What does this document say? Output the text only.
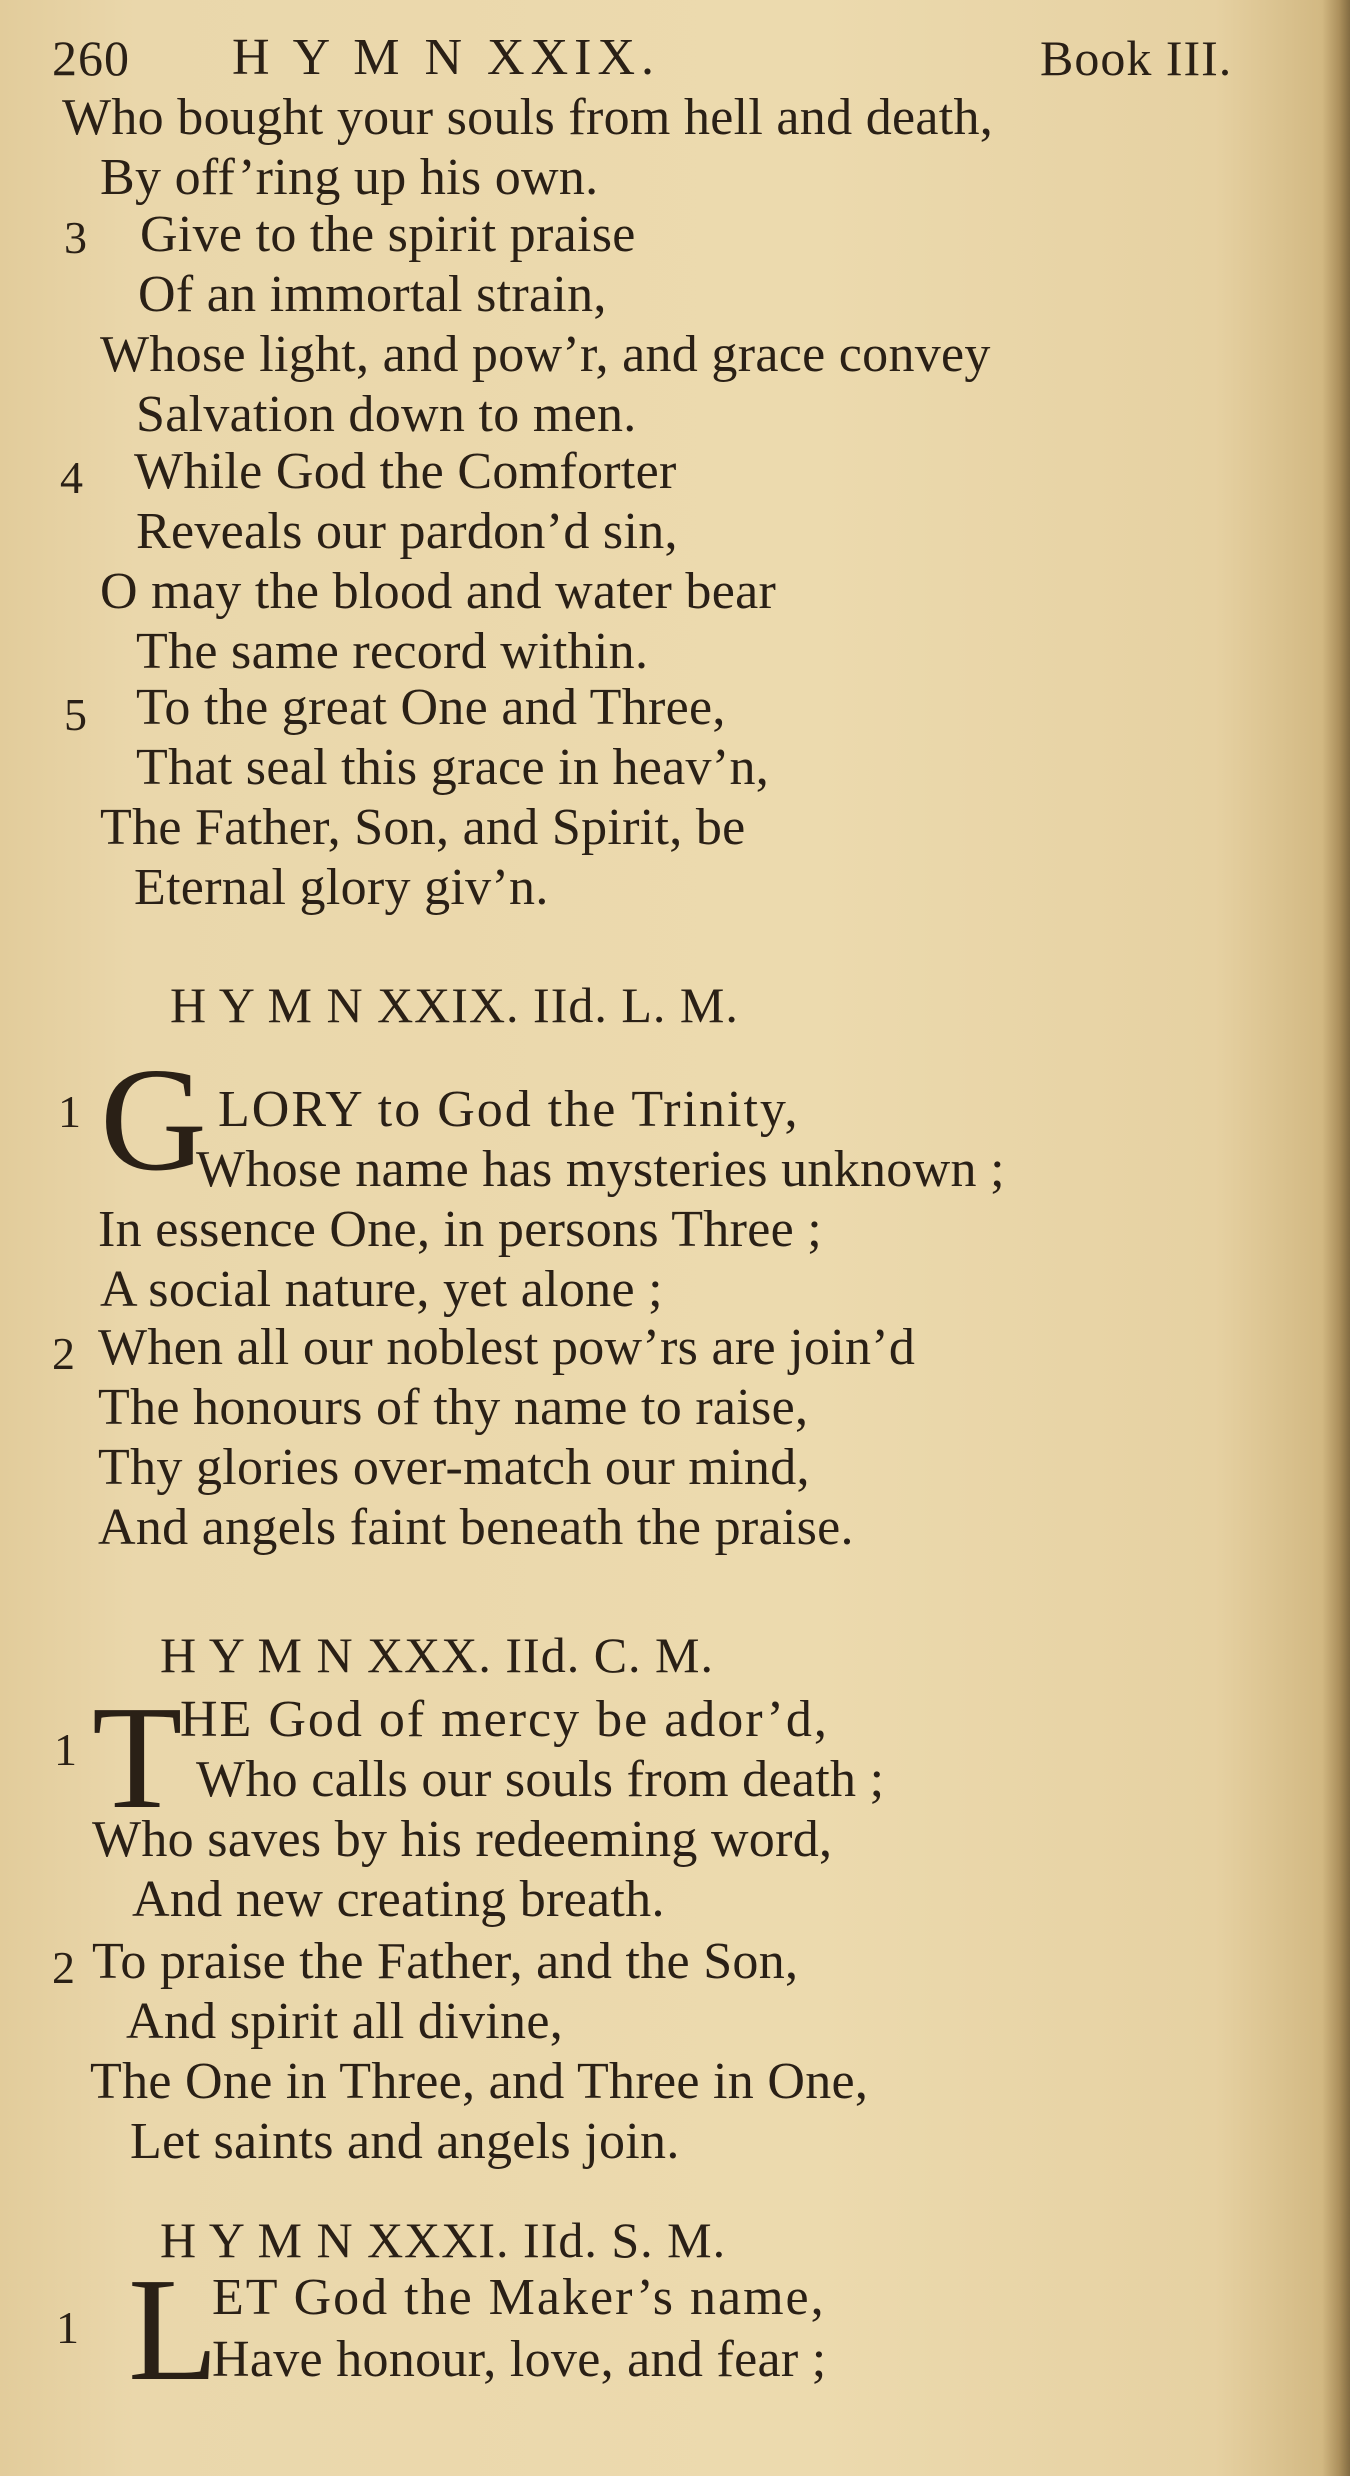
260 H Y M N XXIX.	Book III.
Who bought your souls from hell and death,
By off’ring up his own.
3 Give to the spirit praise
Of an immortal strain,
Whose light, and pow’r, and grace convey
Salvation down to men.
4 While God the Comforter
Reveals our pardon’d sin,
O may the blood and water bear
The same record within.
5 To the great One and Three,
That seal this grace in heav’n,
The Father, Son, and Spirit, be
Eternal glory giv’n.
H Y M N XXIX. IId. L. M.
1 G LORY to God the Trinity,
Whose name has mysteries unknown ;
In essence One, in persons Three ;
A social nature, yet alone ;
2 When all our noblest pow’rs are join’d
The honours of thy name to raise,
Thy glories over-match our mind,
And angels faint beneath the praise.
H Y M N XXX. IId. C. M.
1 T
HE God of mercy be ador’d,
Who calls our souls from death ;
Who saves by his redeeming word,
And new creating breath.
2 To praise the Father, and the Son,
And spirit all divine,
The One in Three, and Three in One,
Let saints and angels join.
H Y M N XXXI. IId. S. M.
1 L
ET God the Maker’s name,
Have honour, love, and fear ;
